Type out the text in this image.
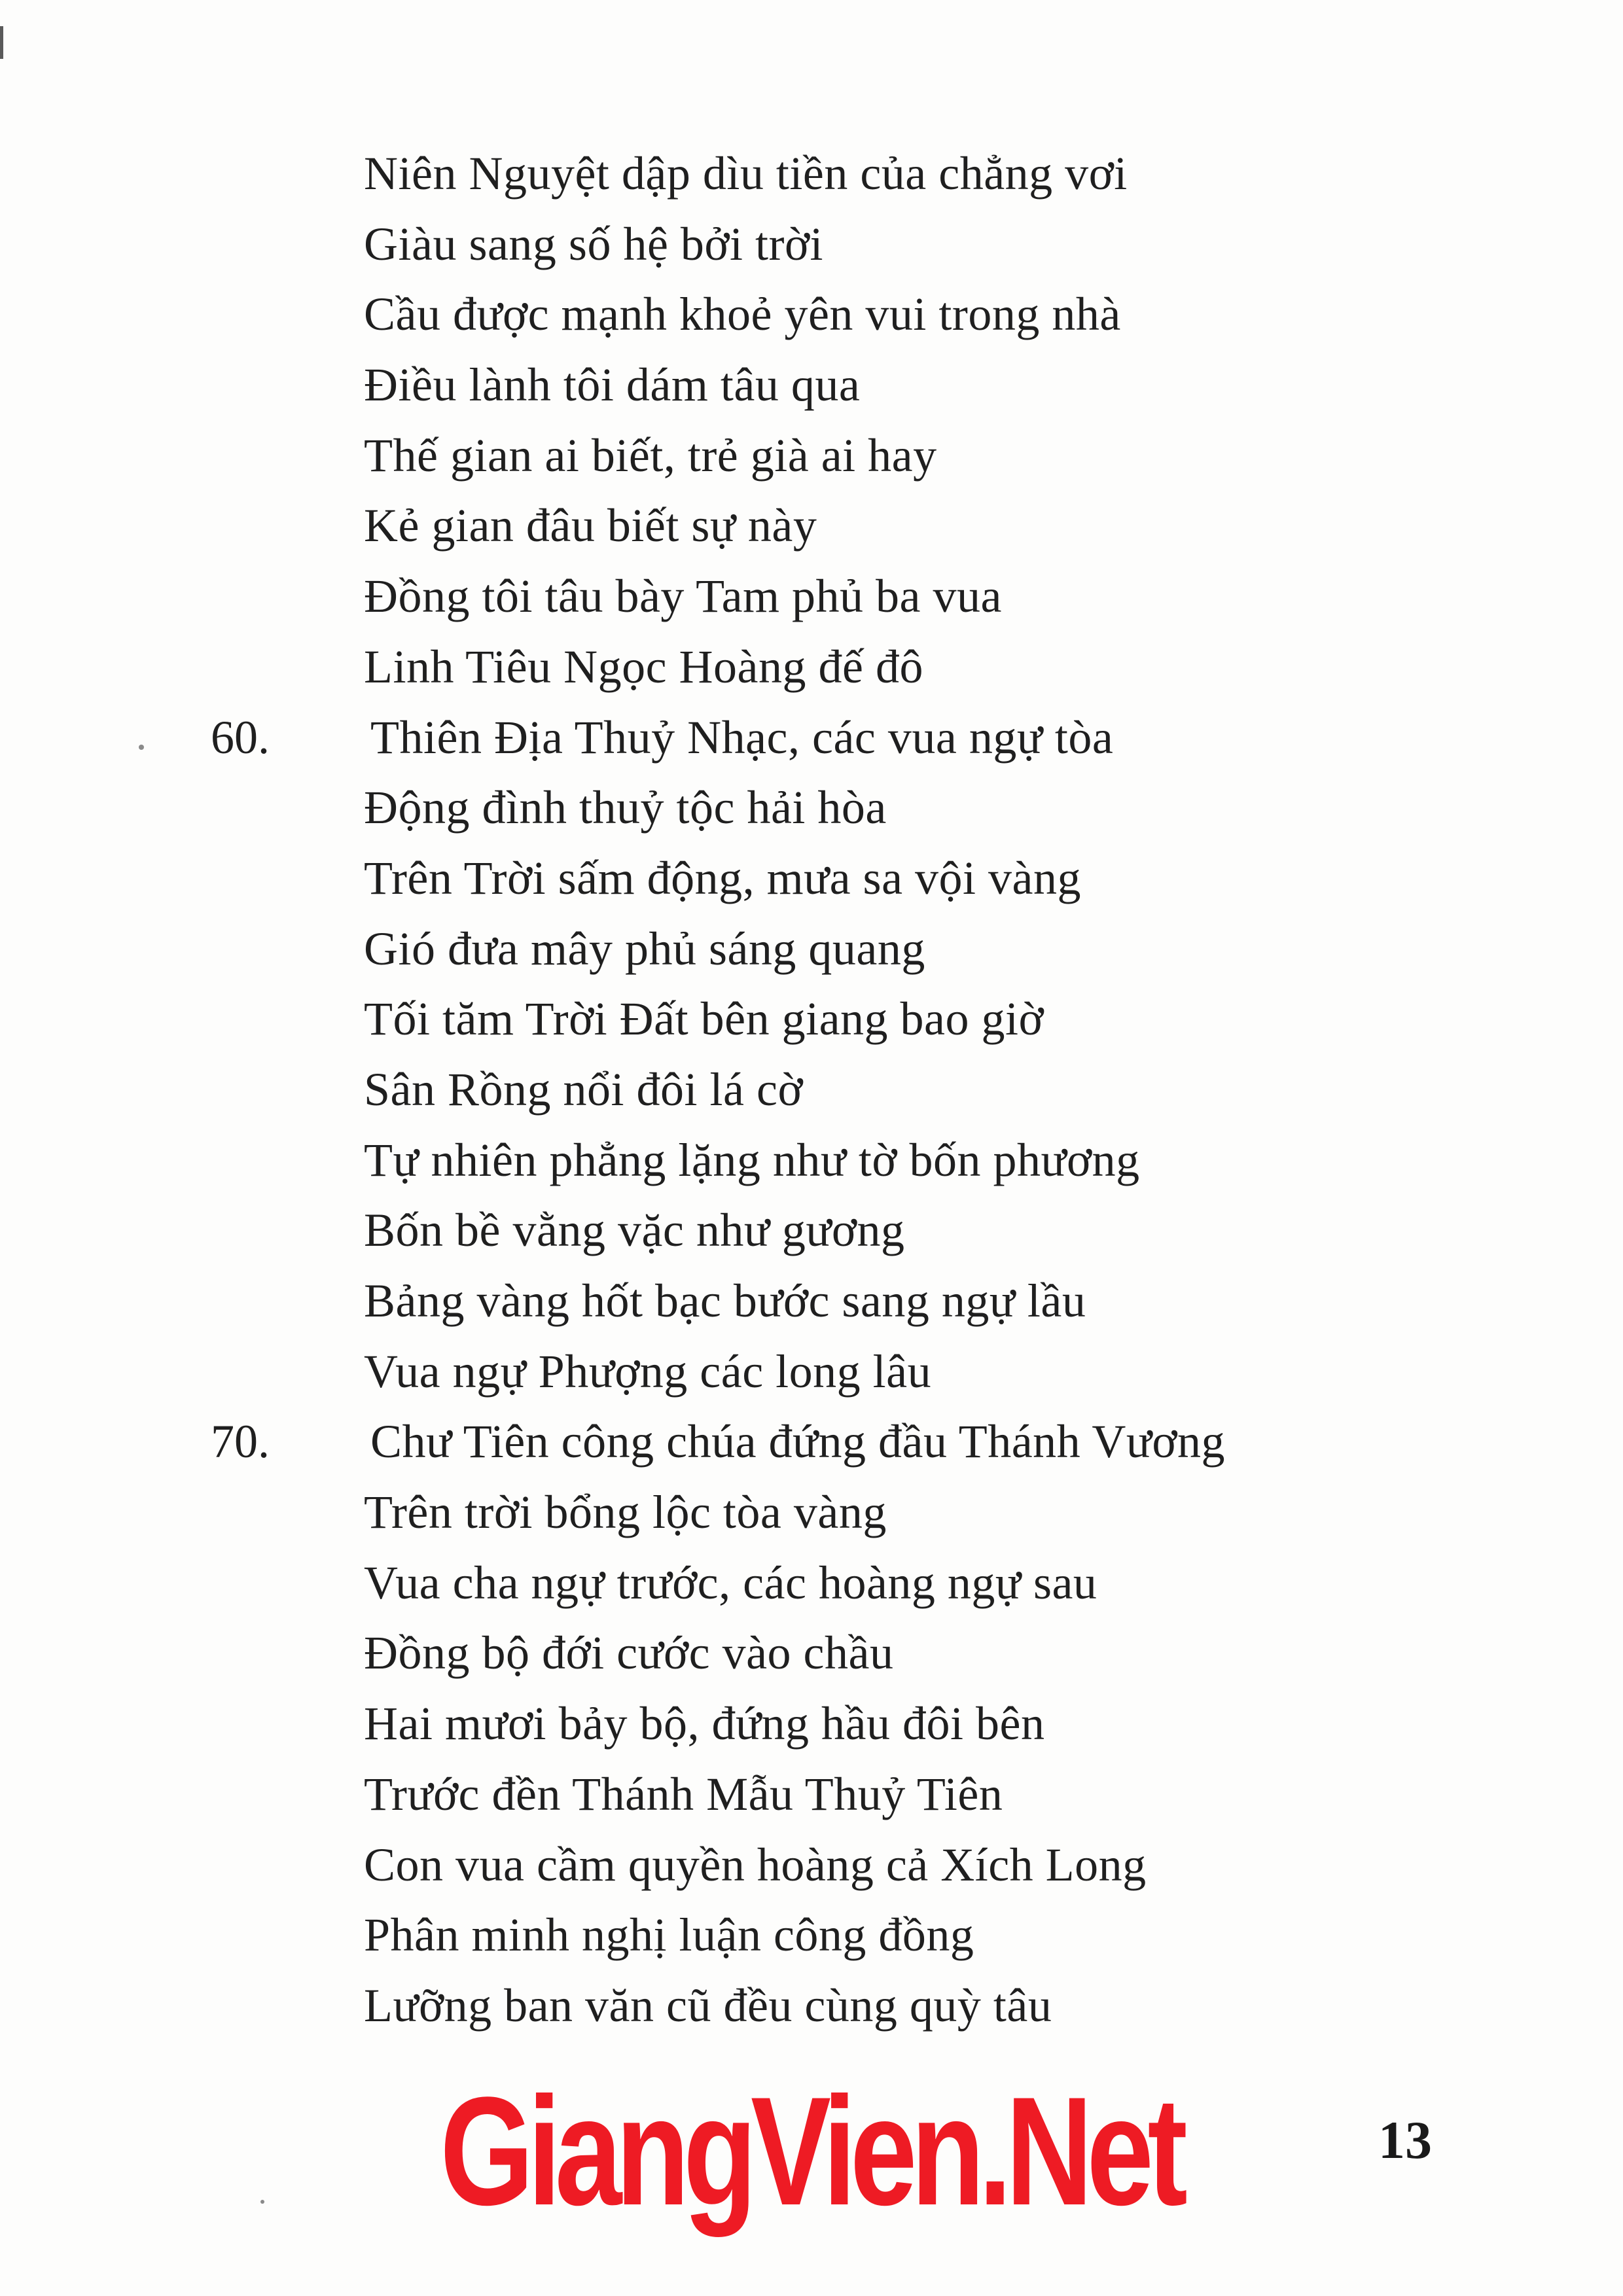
Niên Nguyệt dập dìu tiền của chẳng vơi
Giàu sang số hệ bởi trời
Cầu được mạnh khoẻ yên vui trong nhà
Điều lành tôi dám tâu qua
Thế gian ai biết, trẻ già ai hay
Kẻ gian đâu biết sự này
Đồng tôi tâu bày Tam phủ ba vua
Linh Tiêu Ngọc Hoàng đế đô
60. Thiên Địa Thuỷ Nhạc, các vua ngự tòa
Động đình thuỷ tộc hải hòa
Trên Trời sấm động, mưa sa vội vàng
Gió đưa mây phủ sáng quang
Tối tăm Trời Đất bên giang bao giờ
Sân Rồng nổi đôi lá cờ
Tự nhiên phẳng lặng như tờ bốn phương
Bốn bề vằng vặc như gương
Bảng vàng hốt bạc bước sang ngự lầu
Vua ngự Phượng các long lâu
70. Chư Tiên công chúa đứng đầu Thánh Vương
Trên trời bổng lộc tòa vàng
Vua cha ngự trước, các hoàng ngự sau
Đồng bộ đới cước vào chầu
Hai mươi bảy bộ, đứng hầu đôi bên
Trước đền Thánh Mẫu Thuỷ Tiên
Con vua cầm quyền hoàng cả Xích Long
Phân minh nghị luận công đồng
Lưỡng ban văn cũ đều cùng quỳ tâu
GiangVien.Net	13
